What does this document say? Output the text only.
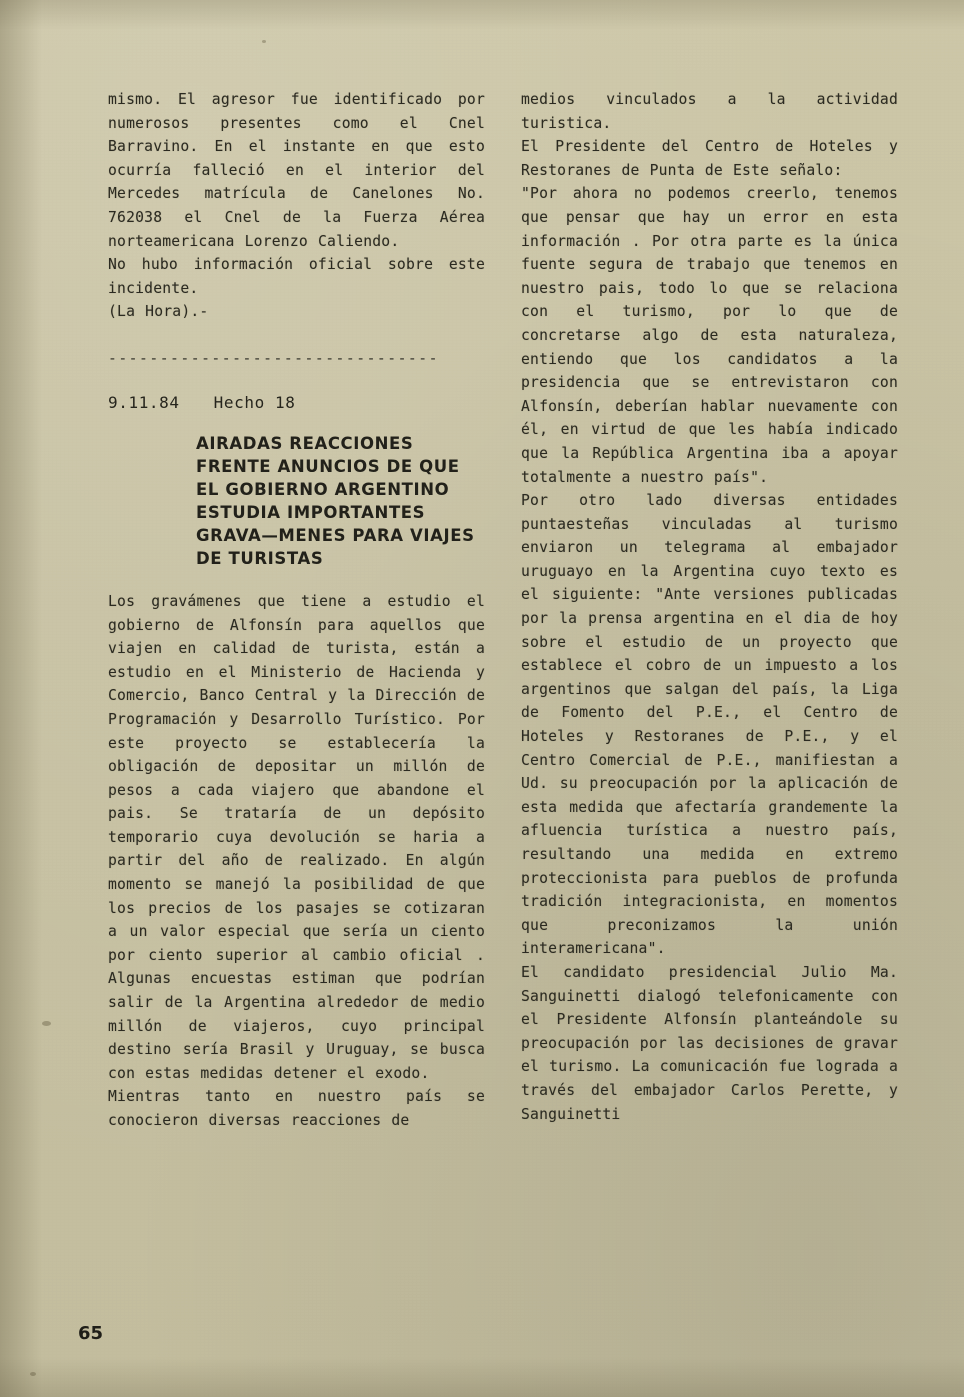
mismo. El agresor fue identificado por numerosos presentes como el Cnel Barravino. En el instante en que esto ocurría falleció en el interior del Mercedes matrícula de Canelones No. 762038 el Cnel de la Fuerza Aérea norteamericana Lorenzo Caliendo.
No hubo información oficial sobre este incidente.
(La Hora).-
--------------------------------
9.11.84 Hecho 18
AIRADAS REACCIONES FRENTE ANUNCIOS DE QUE EL GOBIERNO ARGENTINO ESTUDIA IMPORTANTES GRAVA—MENES PARA VIAJES DE TURISTAS
Los gravámenes que tiene a estudio el gobierno de Alfonsín para aquellos que viajen en calidad de turista, están a estudio en el Ministerio de Hacienda y Comercio, Banco Central y la Dirección de Programación y Desarrollo Turístico. Por este proyecto se establecería la obligación de depositar un millón de pesos a cada viajero que abandone el pais. Se trataría de un depósito temporario cuya devolución se haria a partir del año de realizado. En algún momento se manejó la posibilidad de que los precios de los pasajes se cotizaran a un valor especial que sería un ciento por ciento superior al cambio oficial . Algunas encuestas estiman que podrían salir de la Argentina alrededor de medio millón de viajeros, cuyo principal destino sería Brasil y Uruguay, se busca con estas medidas detener el exodo.
Mientras tanto en nuestro país se conocieron diversas reacciones de
medios vinculados a la actividad turistica.
El Presidente del Centro de Hoteles y Restoranes de Punta de Este señalo:
"Por ahora no podemos creerlo, tenemos que pensar que hay un error en esta información . Por otra parte es la única fuente segura de trabajo que tenemos en nuestro pais, todo lo que se relaciona con el turismo, por lo que de concretarse algo de esta naturaleza, entiendo que los candidatos a la presidencia que se entrevistaron con Alfonsín, deberían hablar nuevamente con él, en virtud de que les había indicado que la República Argentina iba a apoyar totalmente a nuestro país".
Por otro lado diversas entidades puntaesteñas vinculadas al turismo enviaron un telegrama al embajador uruguayo en la Argentina cuyo texto es el siguiente: "Ante versiones publicadas por la prensa argentina en el dia de hoy sobre el estudio de un proyecto que establece el cobro de un impuesto a los argentinos que salgan del país, la Liga de Fomento del P.E., el Centro de Hoteles y Restoranes de P.E., y el Centro Comercial de P.E., manifiestan a Ud. su preocupación por la aplicación de esta medida que afectaría grandemente la afluencia turística a nuestro país, resultando una medida en extremo proteccionista para pueblos de profunda tradición integracionista, en momentos que preconizamos la unión interamericana".
El candidato presidencial Julio Ma. Sanguinetti dialogó telefonicamente con el Presidente Alfonsín planteándole su preocupación por las decisiones de gravar el turismo. La comunicación fue lograda a través del embajador Carlos Perette, y Sanguinetti
65
